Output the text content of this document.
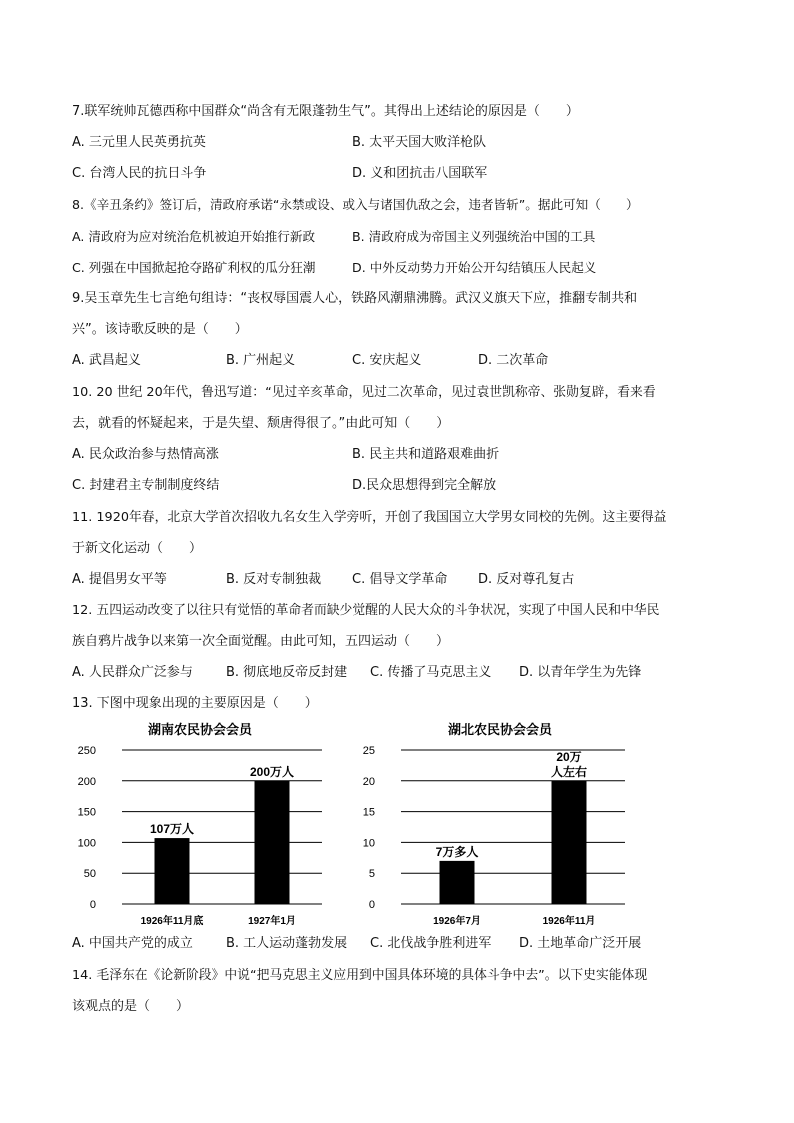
7.联军统帅瓦德西称中国群众“尚含有无限蓬勃生气”。其得出上述结论的原因是（　　）
A. 三元里人民英勇抗英	B. 太平天国大败洋枪队
C. 台湾人民的抗日斗争	D. 义和团抗击八国联军
8.《辛丑条约》签订后，清政府承诺“永禁或设、或入与诸国仇敌之会，违者皆斩”。据此可知（　　）
A. 清政府为应对统治危机被迫开始推行新政	B. 清政府成为帝国主义列强统治中国的工具
C. 列强在中国掀起抢夺路矿利权的瓜分狂潮	D. 中外反动势力开始公开勾结镇压人民起义
9.吴玉章先生七言绝句组诗：“丧权辱国震人心，铁路风潮鼎沸腾。武汉义旗天下应，推翻专制共和
兴”。该诗歌反映的是（　　）
A. 武昌起义	B. 广州起义	C. 安庆起义	D. 二次革命
10. 20 世纪 20年代，鲁迅写道：“见过辛亥革命，见过二次革命，见过袁世凯称帝、张勋复辟，看来看
去，就看的怀疑起来，于是失望、颓唐得很了。”由此可知（　　）
A. 民众政治参与热情高涨	B. 民主共和道路艰难曲折
C. 封建君主专制制度终结	D.民众思想得到完全解放
11. 1920年春，北京大学首次招收九名女生入学旁听，开创了我国国立大学男女同校的先例。这主要得益
于新文化运动（　　）
A. 提倡男女平等	B. 反对专制独裁 C. 倡导文学革命 D. 反对尊孔复古
12. 五四运动改变了以往只有觉悟的革命者而缺少觉醒的人民大众的斗争状况，实现了中国人民和中华民
族自鸦片战争以来第一次全面觉醒。由此可知，五四运动（　　）
A. 人民群众广泛参与	B. 彻底地反帝反封建 C. 传播了马克思主义 D. 以青年学生为先锋
13. 下图中现象出现的主要原因是（　　）
湖南农民协会会员
250
200
150
100
50
0
1926年11月底
107万人
1927年1月
200万人
湖北农民协会会员
25
20
15
10
5
0
1926年7月
7万多人
1926年11月
20万
人左右
A. 中国共产党的成立	B. 工人运动蓬勃发展 C. 北伐战争胜利进军 D. 土地革命广泛开展
14. 毛泽东在《论新阶段》中说“把马克思主义应用到中国具体环境的具体斗争中去”。以下史实能体现
该观点的是（　　）
